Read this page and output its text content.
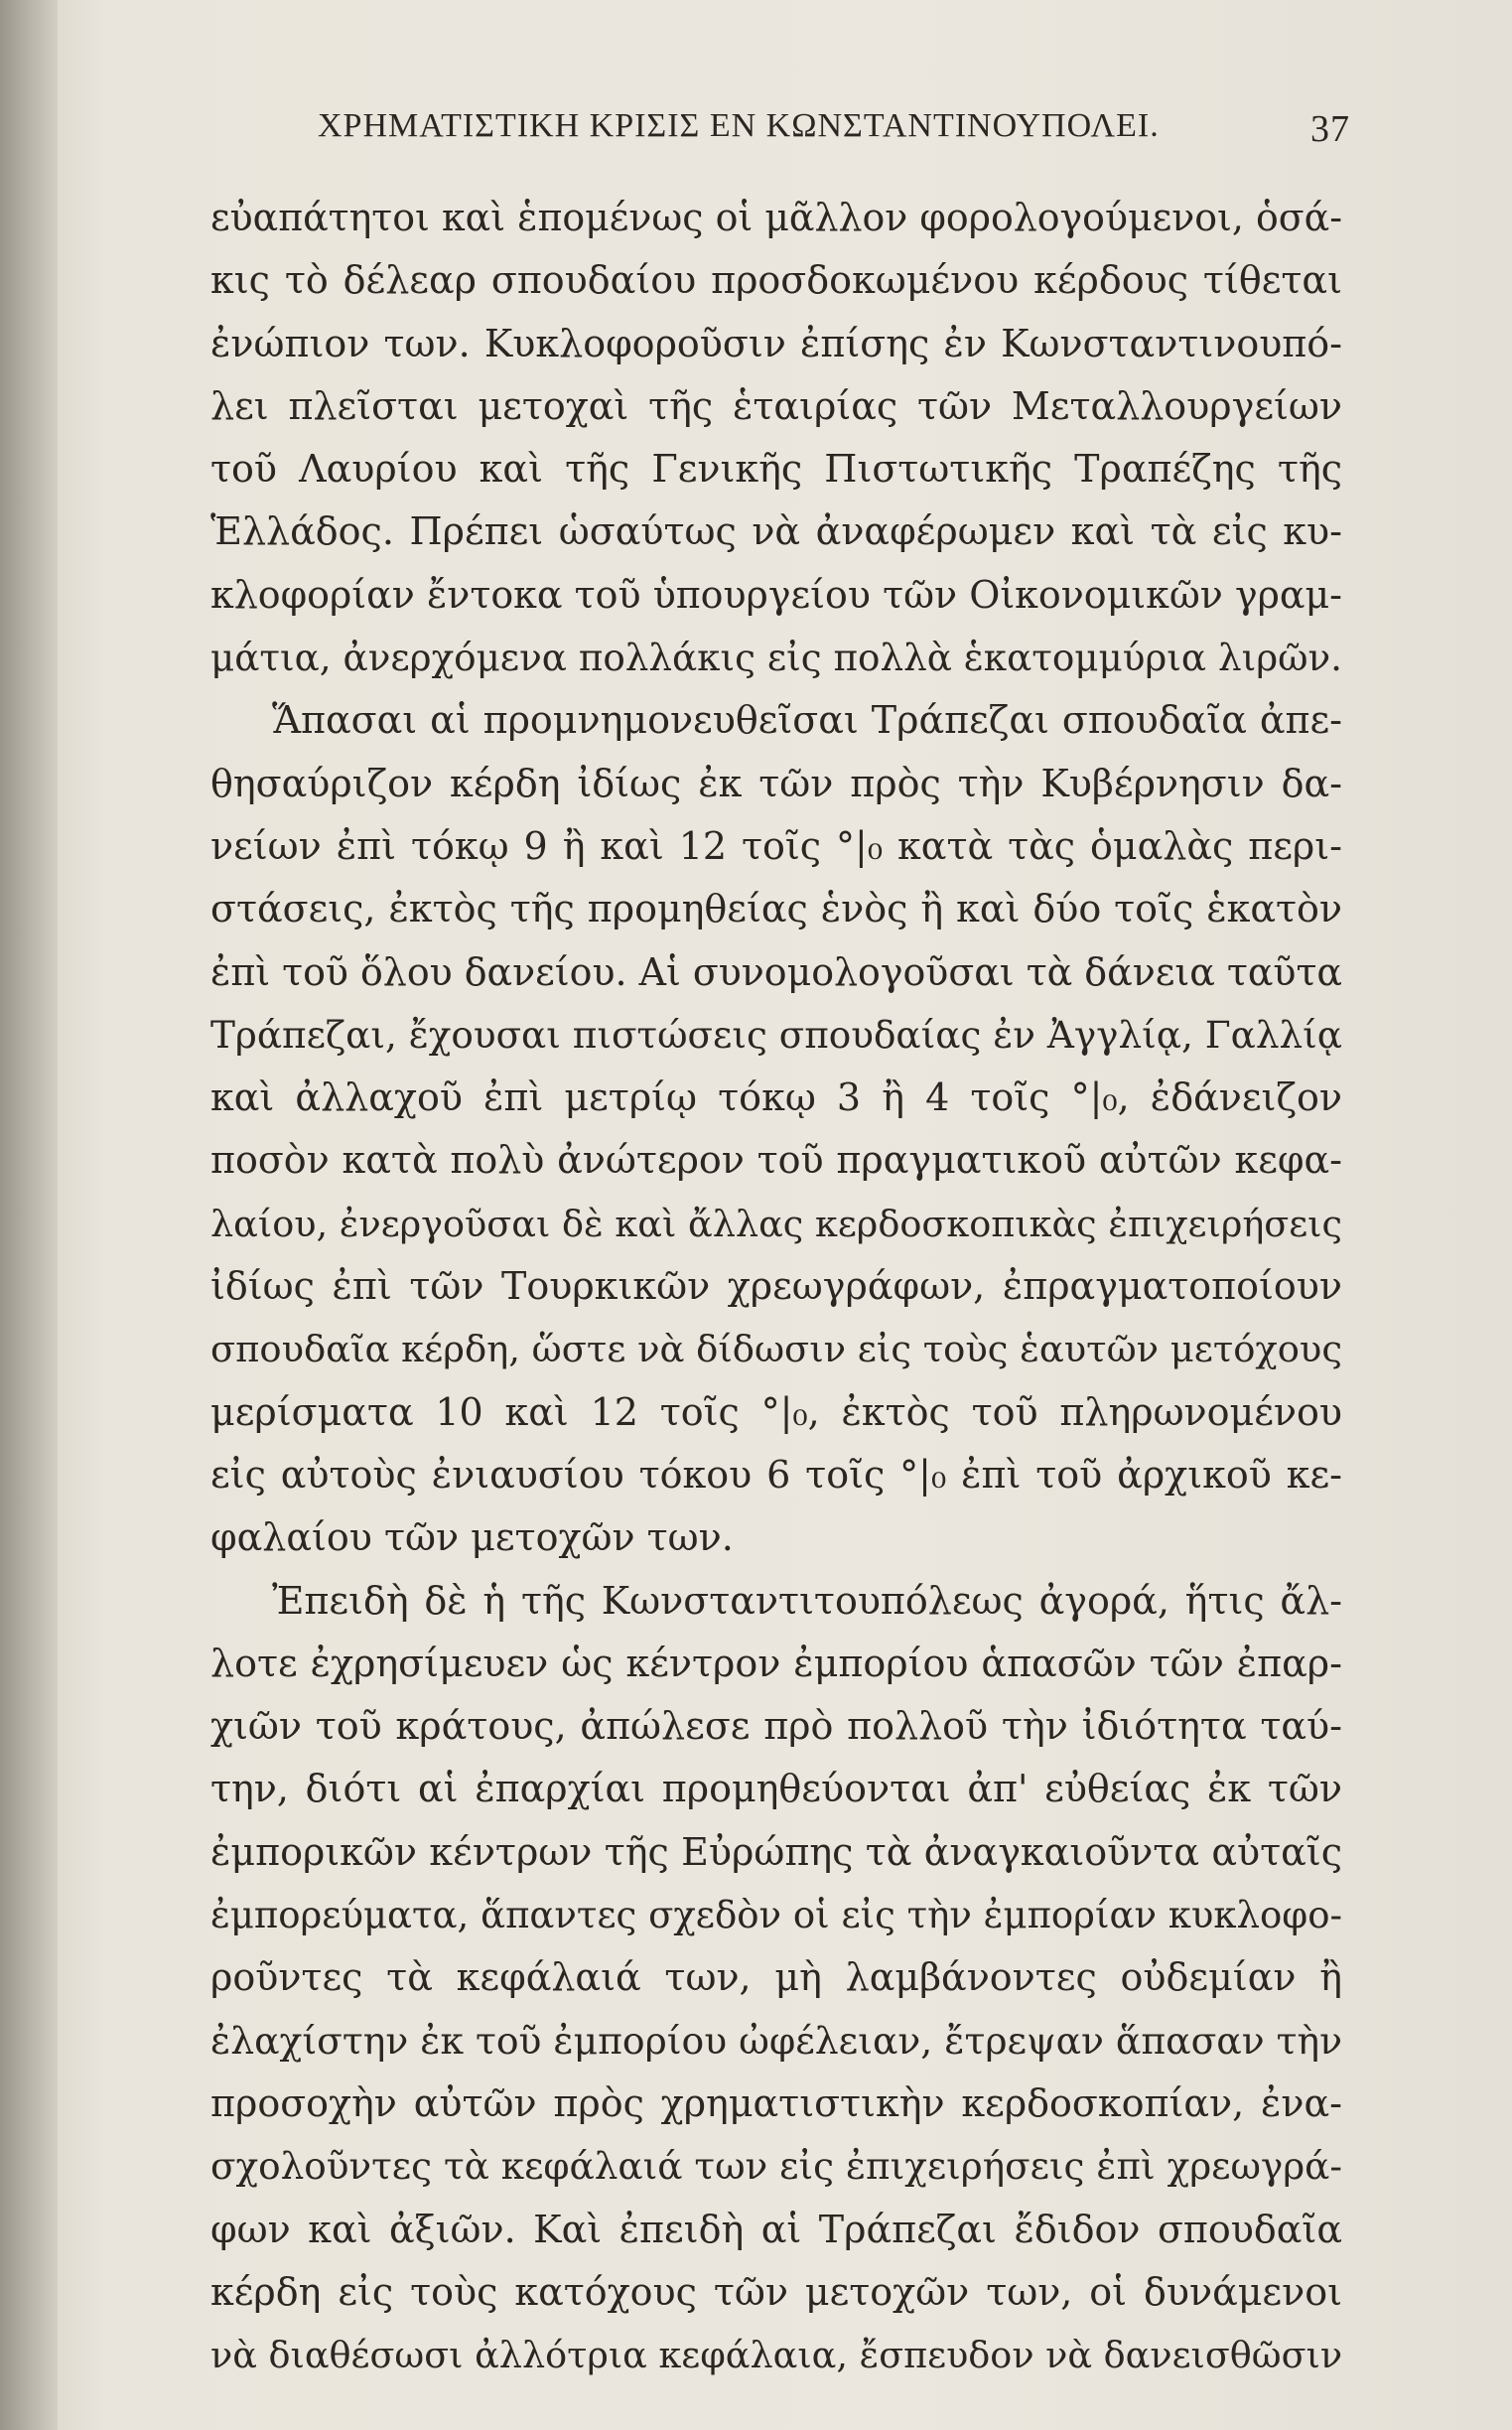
ΧΡΗΜΑΤΙΣΤΙΚΗ ΚΡΙΣΙΣ ΕΝ ΚΩΝΣΤΑΝΤΙΝΟΥΠΟΛΕΙ.	37
εὐαπάτητοι καὶ ἑπομένως οἱ μᾶλλον φορολογούμενοι, ὁσά-
κις τὸ δέλεαρ σπουδαίου προσδοκωμένου κέρδους τίθεται
ἐνώπιον των. Κυκλοφοροῦσιν ἐπίσης ἐν Κωνσταντινουπό-
λει πλεῖσται μετοχαὶ τῆς ἑταιρίας τῶν Μεταλλουργείων
τοῦ Λαυρίου καὶ τῆς Γενικῆς Πιστωτικῆς Τραπέζης τῆς
Ἑλλάδος. Πρέπει ὡσαύτως νὰ ἀναφέρωμεν καὶ τὰ εἰς κυ-
κλοφορίαν ἔντοκα τοῦ ὑπουργείου τῶν Οἰκονομικῶν γραμ-
μάτια, ἀνερχόμενα πολλάκις εἰς πολλὰ ἑκατομμύρια λιρῶν.
Ἅπασαι αἱ προμνημονευθεῖσαι Τράπεζαι σπουδαῖα ἀπε-
θησαύριζον κέρδη ἰδίως ἐκ τῶν πρὸς τὴν Κυβέρνησιν δα-
νείων ἐπὶ τόκῳ 9 ἢ καὶ 12 τοῖς °|₀ κατὰ τὰς ὁμαλὰς περι-
στάσεις, ἐκτὸς τῆς προμηθείας ἑνὸς ἢ καὶ δύο τοῖς ἑκατὸν
ἐπὶ τοῦ ὅλου δανείου. Αἱ συνομολογοῦσαι τὰ δάνεια ταῦτα
Τράπεζαι, ἔχουσαι πιστώσεις σπουδαίας ἐν Ἀγγλίᾳ, Γαλλίᾳ
καὶ ἀλλαχοῦ ἐπὶ μετρίῳ τόκῳ 3 ἢ 4 τοῖς °|₀, ἐδάνειζον
ποσὸν κατὰ πολὺ ἀνώτερον τοῦ πραγματικοῦ αὐτῶν κεφα-
λαίου, ἐνεργοῦσαι δὲ καὶ ἄλλας κερδοσκοπικὰς ἐπιχειρήσεις
ἰδίως ἐπὶ τῶν Τουρκικῶν χρεωγράφων, ἐπραγματοποίουν
σπουδαῖα κέρδη, ὥστε νὰ δίδωσιν εἰς τοὺς ἑαυτῶν μετόχους
μερίσματα 10 καὶ 12 τοῖς °|₀, ἐκτὸς τοῦ πληρωνομένου
εἰς αὐτοὺς ἐνιαυσίου τόκου 6 τοῖς °|₀ ἐπὶ τοῦ ἀρχικοῦ κε-
φαλαίου τῶν μετοχῶν των.
Ἐπειδὴ δὲ ἡ τῆς Κωνσταντιτουπόλεως ἀγορά, ἥτις ἄλ-
λοτε ἐχρησίμευεν ὡς κέντρον ἐμπορίου ἁπασῶν τῶν ἐπαρ-
χιῶν τοῦ κράτους, ἀπώλεσε πρὸ πολλοῦ τὴν ἰδιότητα ταύ-
την, διότι αἱ ἐπαρχίαι προμηθεύονται ἀπ' εὐθείας ἐκ τῶν
ἐμπορικῶν κέντρων τῆς Εὐρώπης τὰ ἀναγκαιοῦντα αὐταῖς
ἐμπορεύματα, ἅπαντες σχεδὸν οἱ εἰς τὴν ἐμπορίαν κυκλοφο-
ροῦντες τὰ κεφάλαιά των, μὴ λαμβάνοντες οὐδεμίαν ἢ
ἐλαχίστην ἐκ τοῦ ἐμπορίου ὠφέλειαν, ἔτρεψαν ἅπασαν τὴν
προσοχὴν αὐτῶν πρὸς χρηματιστικὴν κερδοσκοπίαν, ἐνα-
σχολοῦντες τὰ κεφάλαιά των εἰς ἐπιχειρήσεις ἐπὶ χρεωγρά-
φων καὶ ἀξιῶν. Καὶ ἐπειδὴ αἱ Τράπεζαι ἔδιδον σπουδαῖα
κέρδη εἰς τοὺς κατόχους τῶν μετοχῶν των, οἱ δυνάμενοι
νὰ διαθέσωσι ἀλλότρια κεφάλαια, ἔσπευδον νὰ δανεισθῶσιν
